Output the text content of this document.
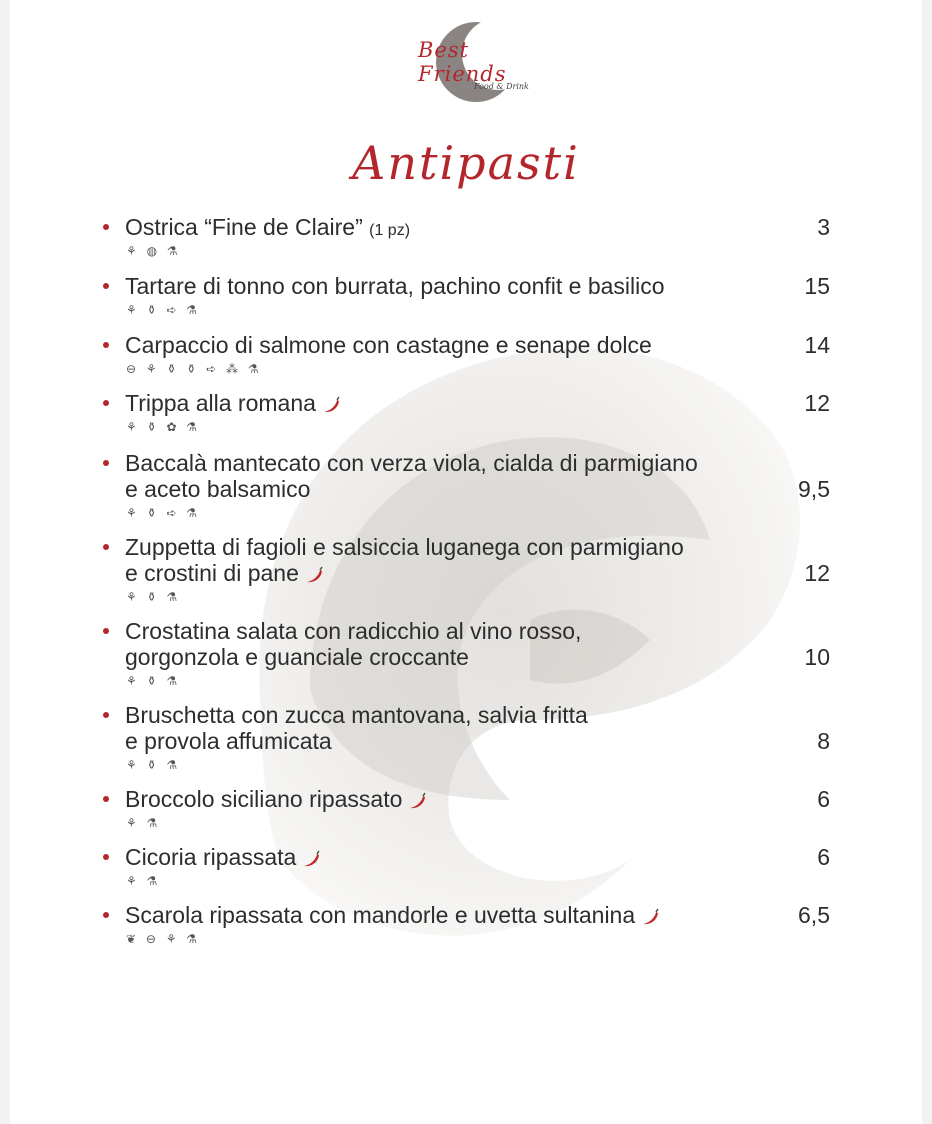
Best Friends
Food & Drink
Antipasti
Ostrica “Fine de Claire” (1 pz)	3
⚘ ◍ ⚗
Tartare di tonno con burrata, pachino confit e basilico	15
⚘ ⚱ ➪ ⚗
Carpaccio di salmone con castagne e senape dolce	14
⊖ ⚘ ⚱ ⚱ ➪ ⁂ ⚗
Trippa alla romana	12
⚘ ⚱ ✿ ⚗
Baccalà mantecato con verza viola, cialda di parmigiano
e aceto balsamico	9,5
⚘ ⚱ ➪ ⚗
Zuppetta di fagioli e salsiccia luganega con parmigiano
e crostini di pane	12
⚘ ⚱ ⚗
Crostatina salata con radicchio al vino rosso,
gorgonzola e guanciale croccante	10
⚘ ⚱ ⚗
Bruschetta con zucca mantovana, salvia fritta
e provola affumicata	8
⚘ ⚱ ⚗
Broccolo siciliano ripassato	6
⚘ ⚗
Cicoria ripassata	6
⚘ ⚗
Scarola ripassata con mandorle e uvetta sultanina	6,5
❦ ⊖ ⚘ ⚗
